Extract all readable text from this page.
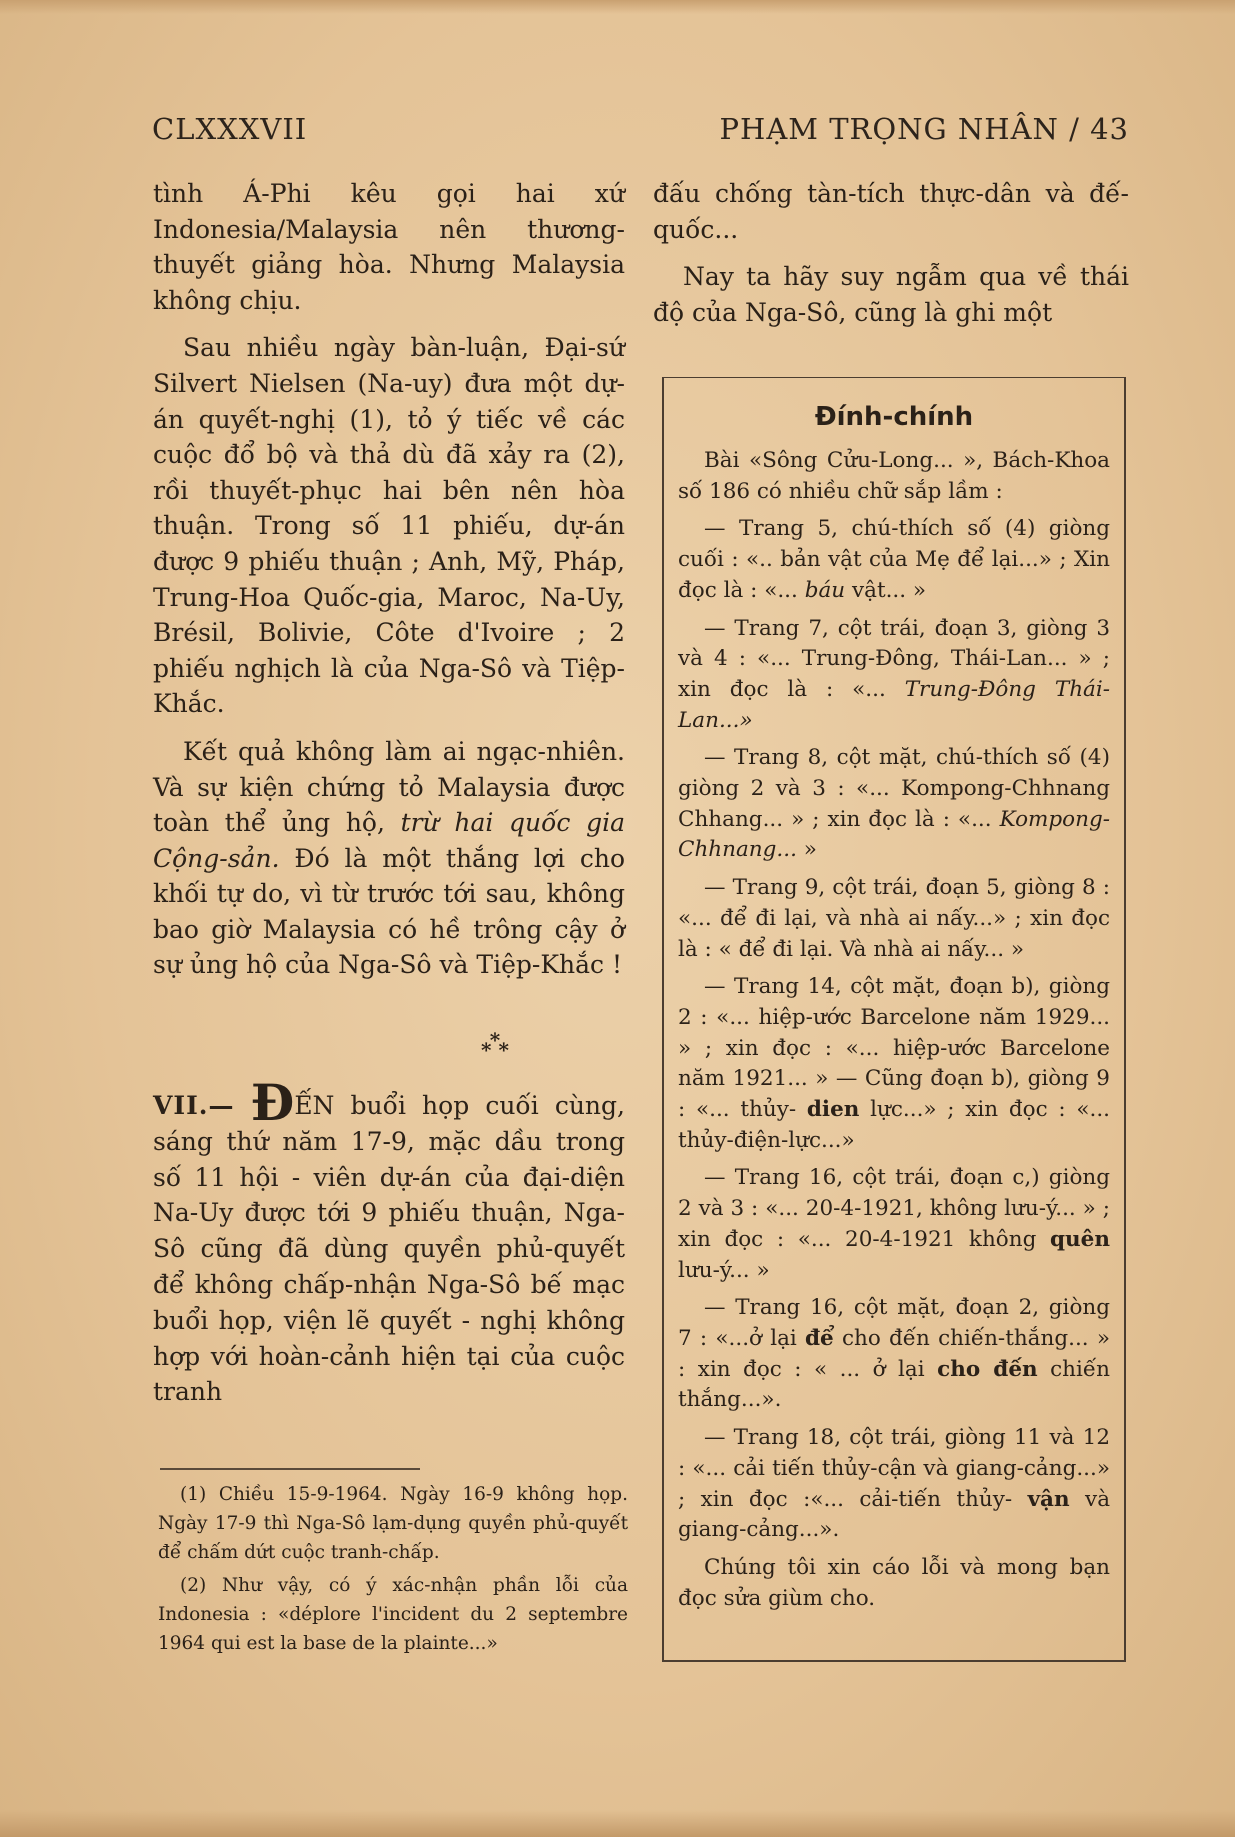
CLXXXVII	PHẠM TRỌNG NHÂN / 43

tình Á-Phi kêu gọi hai xứ Indonesia/Malaysia nên thương-thuyết giảng hòa. Nhưng Malaysia không chịu.

Sau nhiều ngày bàn-luận, Đại-sứ Silvert Nielsen (Na-uy) đưa một dự-án quyết-nghị (1), tỏ ý tiếc về các cuộc đổ bộ và thả dù đã xảy ra (2), rồi thuyết-phục hai bên nên hòa thuận. Trong số 11 phiếu, dự-án được 9 phiếu thuận ; Anh, Mỹ, Pháp, Trung-Hoa Quốc-gia, Maroc, Na-Uy, Brésil, Bolivie, Côte d'Ivoire ; 2 phiếu nghịch là của Nga-Sô và Tiệp-Khắc.

Kết quả không làm ai ngạc-nhiên. Và sự kiện chứng tỏ Malaysia được toàn thể ủng hộ, trừ hai quốc gia Cộng-sản. Đó là một thắng lợi cho khối tự do, vì từ trước tới sau, không bao giờ Malaysia có hề trông cậy ở sự ủng hộ của Nga-Sô và Tiệp-Khắc !

*
* *
VII.— ĐẾN buổi họp cuối cùng, sáng thứ năm 17-9, mặc dầu trong số 11 hội - viên dự-án của đại-diện Na-Uy được tới 9 phiếu thuận, Nga-Sô cũng đã dùng quyền phủ-quyết để không chấp-nhận Nga-Sô bế mạc buổi họp, viện lẽ quyết - nghị không hợp với hoàn-cảnh hiện tại của cuộc tranh

(1) Chiều 15-9-1964. Ngày 16-9 không họp. Ngày 17-9 thì Nga-Sô lạm-dụng quyền phủ-quyết để chấm dứt cuộc tranh-chấp.

(2) Như vậy, có ý xác-nhận phần lỗi của Indonesia : «déplore l'incident du 2 septembre 1964 qui est la base de la plainte...»

đấu chống tàn-tích thực-dân và đế-quốc...

Nay ta hãy suy ngẫm qua về thái độ của Nga-Sô, cũng là ghi một

Đính-chính

Bài «Sông Cửu-Long... », Bách-Khoa số 186 có nhiều chữ sắp lầm :

— Trang 5, chú-thích số (4) giòng cuối : «.. bản vật của Mẹ để lại...» ; Xin đọc là : «... báu vật... »

— Trang 7, cột trái, đoạn 3, giòng 3 và 4 : «... Trung-Đông, Thái-Lan... » ; xin đọc là : «... Trung-Đông Thái-Lan...»

— Trang 8, cột mặt, chú-thích số (4) giòng 2 và 3 : «... Kompong-Chhnang Chhang... » ; xin đọc là : «... Kompong-Chhnang... »

— Trang 9, cột trái, đoạn 5, giòng 8 : «... để đi lại, và nhà ai nấy...» ; xin đọc là : « để đi lại. Và nhà ai nấy... »

— Trang 14, cột mặt, đoạn b), giòng 2 : «... hiệp-ước Barcelone năm 1929... » ; xin đọc : «... hiệp-ước Barcelone năm 1921... » — Cũng đoạn b), giòng 9 : «... thủy- dien lực...» ; xin đọc : «... thủy-điện-lực...»

— Trang 16, cột trái, đoạn c,) giòng 2 và 3 : «... 20-4-1921, không lưu-ý... » ; xin đọc : «... 20-4-1921 không quên lưu-ý... »

— Trang 16, cột mặt, đoạn 2, giòng 7 : «...ở lại để cho đến chiến-thắng... » : xin đọc : « ... ở lại cho đến chiến thắng...».

— Trang 18, cột trái, giòng 11 và 12 : «... cải tiến thủy-cận và giang-cảng...» ; xin đọc :«... cải-tiến thủy- vận và giang-cảng...».

Chúng tôi xin cáo lỗi và mong bạn đọc sửa giùm cho.
